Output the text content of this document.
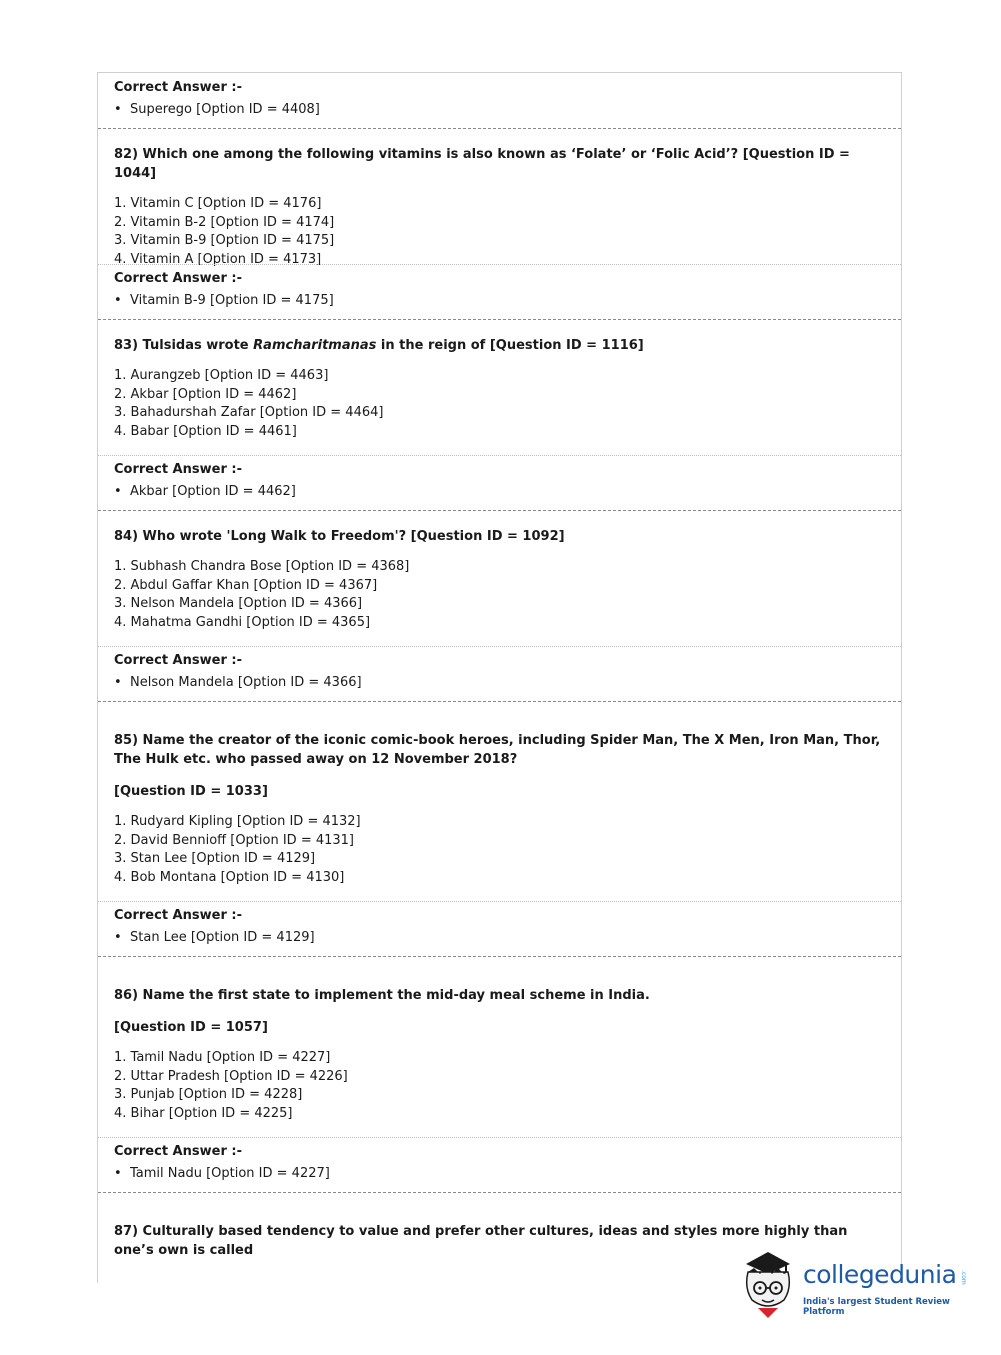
Correct Answer :-
• Superego [Option ID = 4408]
82) Which one among the following vitamins is also known as ‘Folate’ or ‘Folic Acid’? [Question ID = 1044]
1. Vitamin C [Option ID = 4176]
2. Vitamin B-2 [Option ID = 4174]
3. Vitamin B-9 [Option ID = 4175]
4. Vitamin A [Option ID = 4173]
Correct Answer :-
• Vitamin B-9 [Option ID = 4175]
83) Tulsidas wrote Ramcharitmanas in the reign of [Question ID = 1116]
1. Aurangzeb [Option ID = 4463]
2. Akbar [Option ID = 4462]
3. Bahadurshah Zafar [Option ID = 4464]
4. Babar [Option ID = 4461]
Correct Answer :-
• Akbar [Option ID = 4462]
84) Who wrote 'Long Walk to Freedom'? [Question ID = 1092]
1. Subhash Chandra Bose [Option ID = 4368]
2. Abdul Gaffar Khan [Option ID = 4367]
3. Nelson Mandela [Option ID = 4366]
4. Mahatma Gandhi [Option ID = 4365]
Correct Answer :-
• Nelson Mandela [Option ID = 4366]
85) Name the creator of the iconic comic-book heroes, including Spider Man, The X Men, Iron Man, Thor, The Hulk etc. who passed away on 12 November 2018?
[Question ID = 1033]
1. Rudyard Kipling [Option ID = 4132]
2. David Bennioff [Option ID = 4131]
3. Stan Lee [Option ID = 4129]
4. Bob Montana [Option ID = 4130]
Correct Answer :-
• Stan Lee [Option ID = 4129]
86) Name the first state to implement the mid-day meal scheme in India.
[Question ID = 1057]
1. Tamil Nadu [Option ID = 4227]
2. Uttar Pradesh [Option ID = 4226]
3. Punjab [Option ID = 4228]
4. Bihar [Option ID = 4225]
Correct Answer :-
• Tamil Nadu [Option ID = 4227]
87) Culturally based tendency to value and prefer other cultures, ideas and styles more highly than one’s own is called
collegedunia .com
India's largest Student Review Platform
